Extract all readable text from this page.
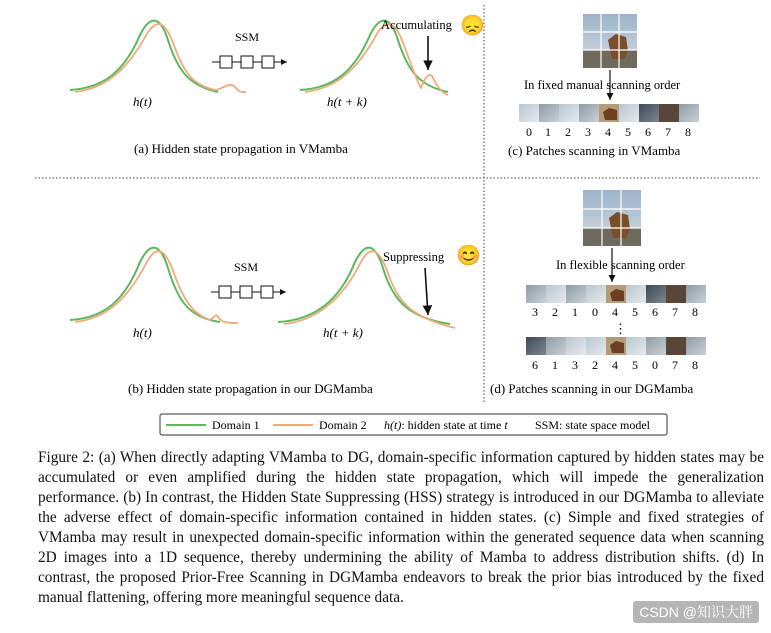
h(t)
SSM
h(t + k)
Accumulating 😞
(a) Hidden state propagation in VMamba
h(t)
SSM
h(t + k)
Suppressing 😊
(b) Hidden state propagation in our DGMamba
In fixed manual scanning order
0 1 2 3 4 5 6 7 8
(c) Patches scanning in VMamba
In flexible scanning order
3 2 1 0 4 5 6 7 8
⋮
6 1 3 2 4 5 0 7 8
(d) Patches scanning in our DGMamba
Domain 1	Domain 2 h(t): hidden state at time t SSM: state space model
Figure 2: (a) When directly adapting VMamba to DG, domain-specific information captured by hidden states may be accumulated or even amplified during the hidden state propagation, which will impede the generalization performance. (b) In contrast, the Hidden State Suppressing (HSS) strategy is introduced in our DGMamba to alleviate the adverse effect of domain-specific information contained in hidden states. (c) Simple and fixed strategies of VMamba may result in unexpected domain-specific information within the generated sequence data when scanning 2D images into a 1D sequence, thereby undermining the ability of Mamba to address distribution shifts. (d) In contrast, the proposed Prior-Free Scanning in DGMamba endeavors to break the prior bias introduced by the fixed manual flattening, offering more meaningful sequence data.
CSDN @知识大胖
